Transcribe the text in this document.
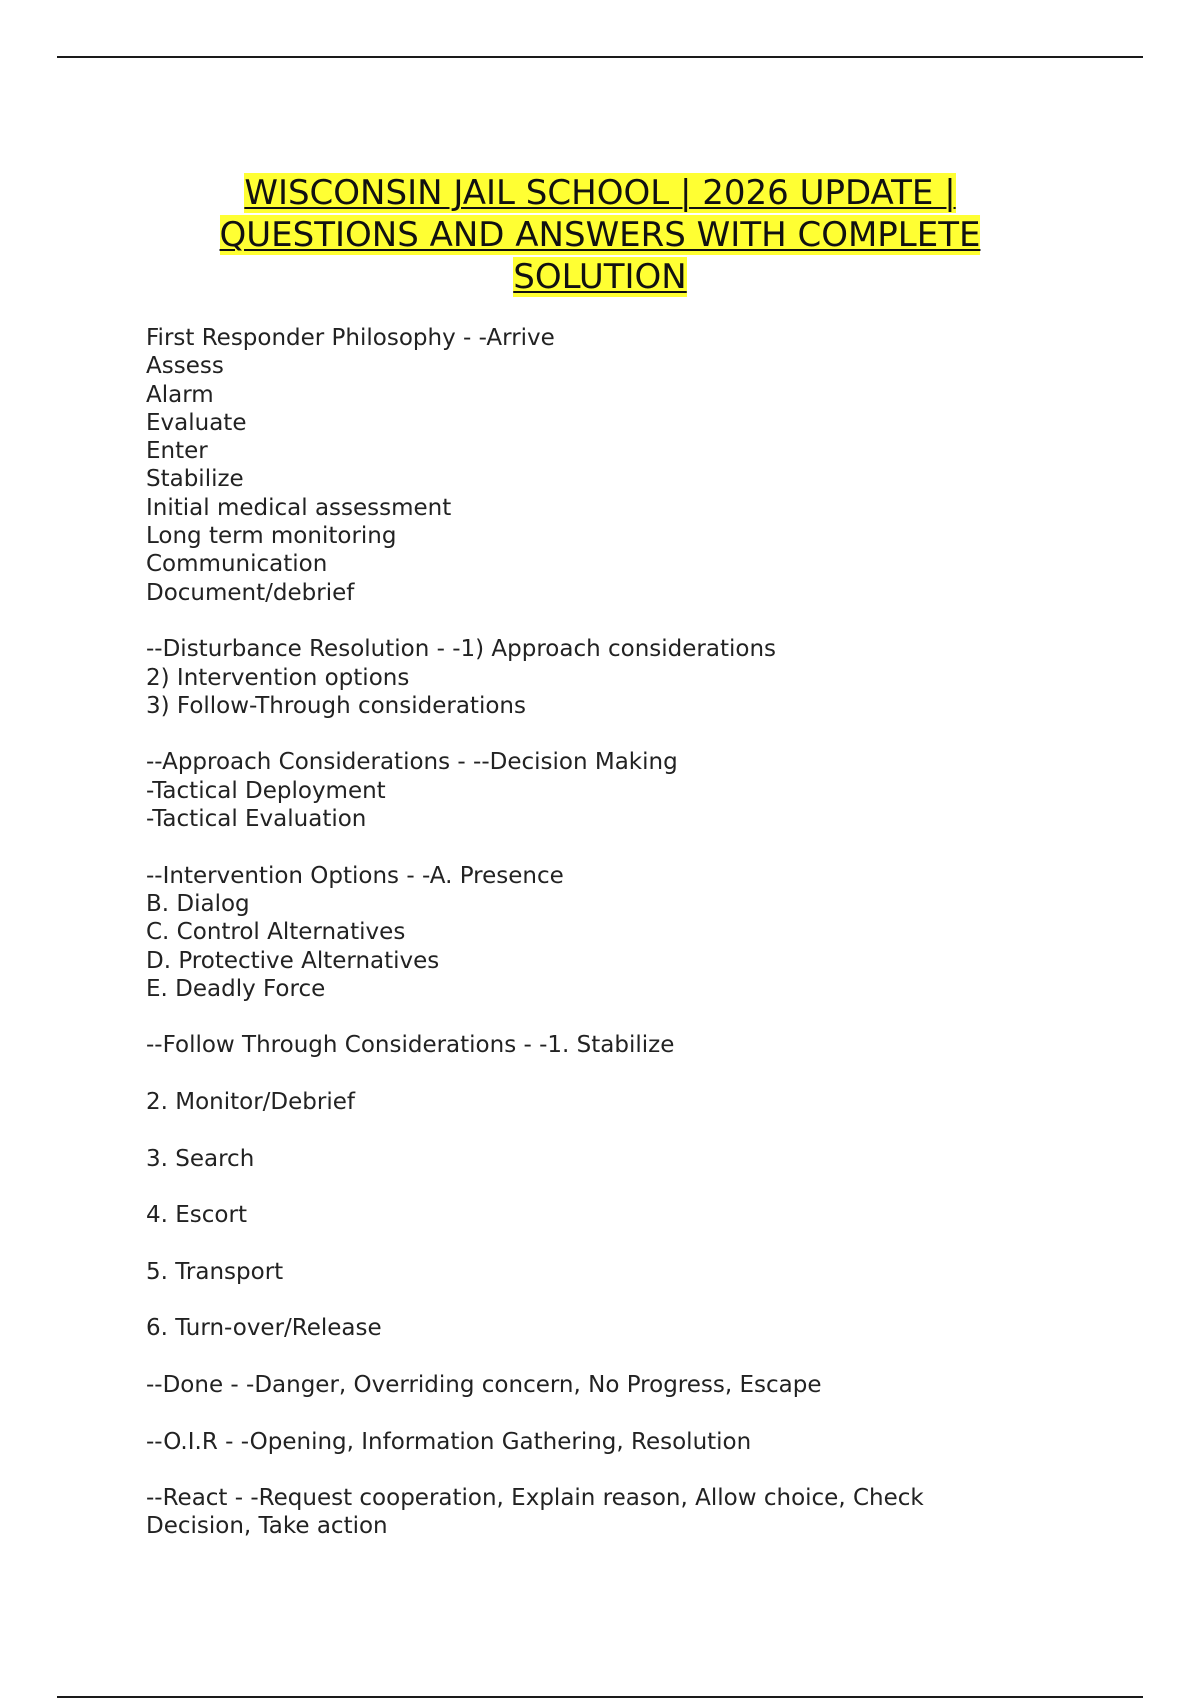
WISCONSIN JAIL SCHOOL | 2026 UPDATE |
QUESTIONS AND ANSWERS WITH COMPLETE
SOLUTION
First Responder Philosophy - -Arrive
Assess
Alarm
Evaluate
Enter
Stabilize
Initial medical assessment
Long term monitoring
Communication
Document/debrief
--Disturbance Resolution - -1) Approach considerations
2) Intervention options
3) Follow-Through considerations
--Approach Considerations - --Decision Making
-Tactical Deployment
-Tactical Evaluation
--Intervention Options - -A. Presence
B. Dialog
C. Control Alternatives
D. Protective Alternatives
E. Deadly Force
--Follow Through Considerations - -1. Stabilize
2. Monitor/Debrief
3. Search
4. Escort
5. Transport
6. Turn-over/Release
--Done - -Danger, Overriding concern, No Progress, Escape
--O.I.R - -Opening, Information Gathering, Resolution
--React - -Request cooperation, Explain reason, Allow choice, Check
Decision, Take action
